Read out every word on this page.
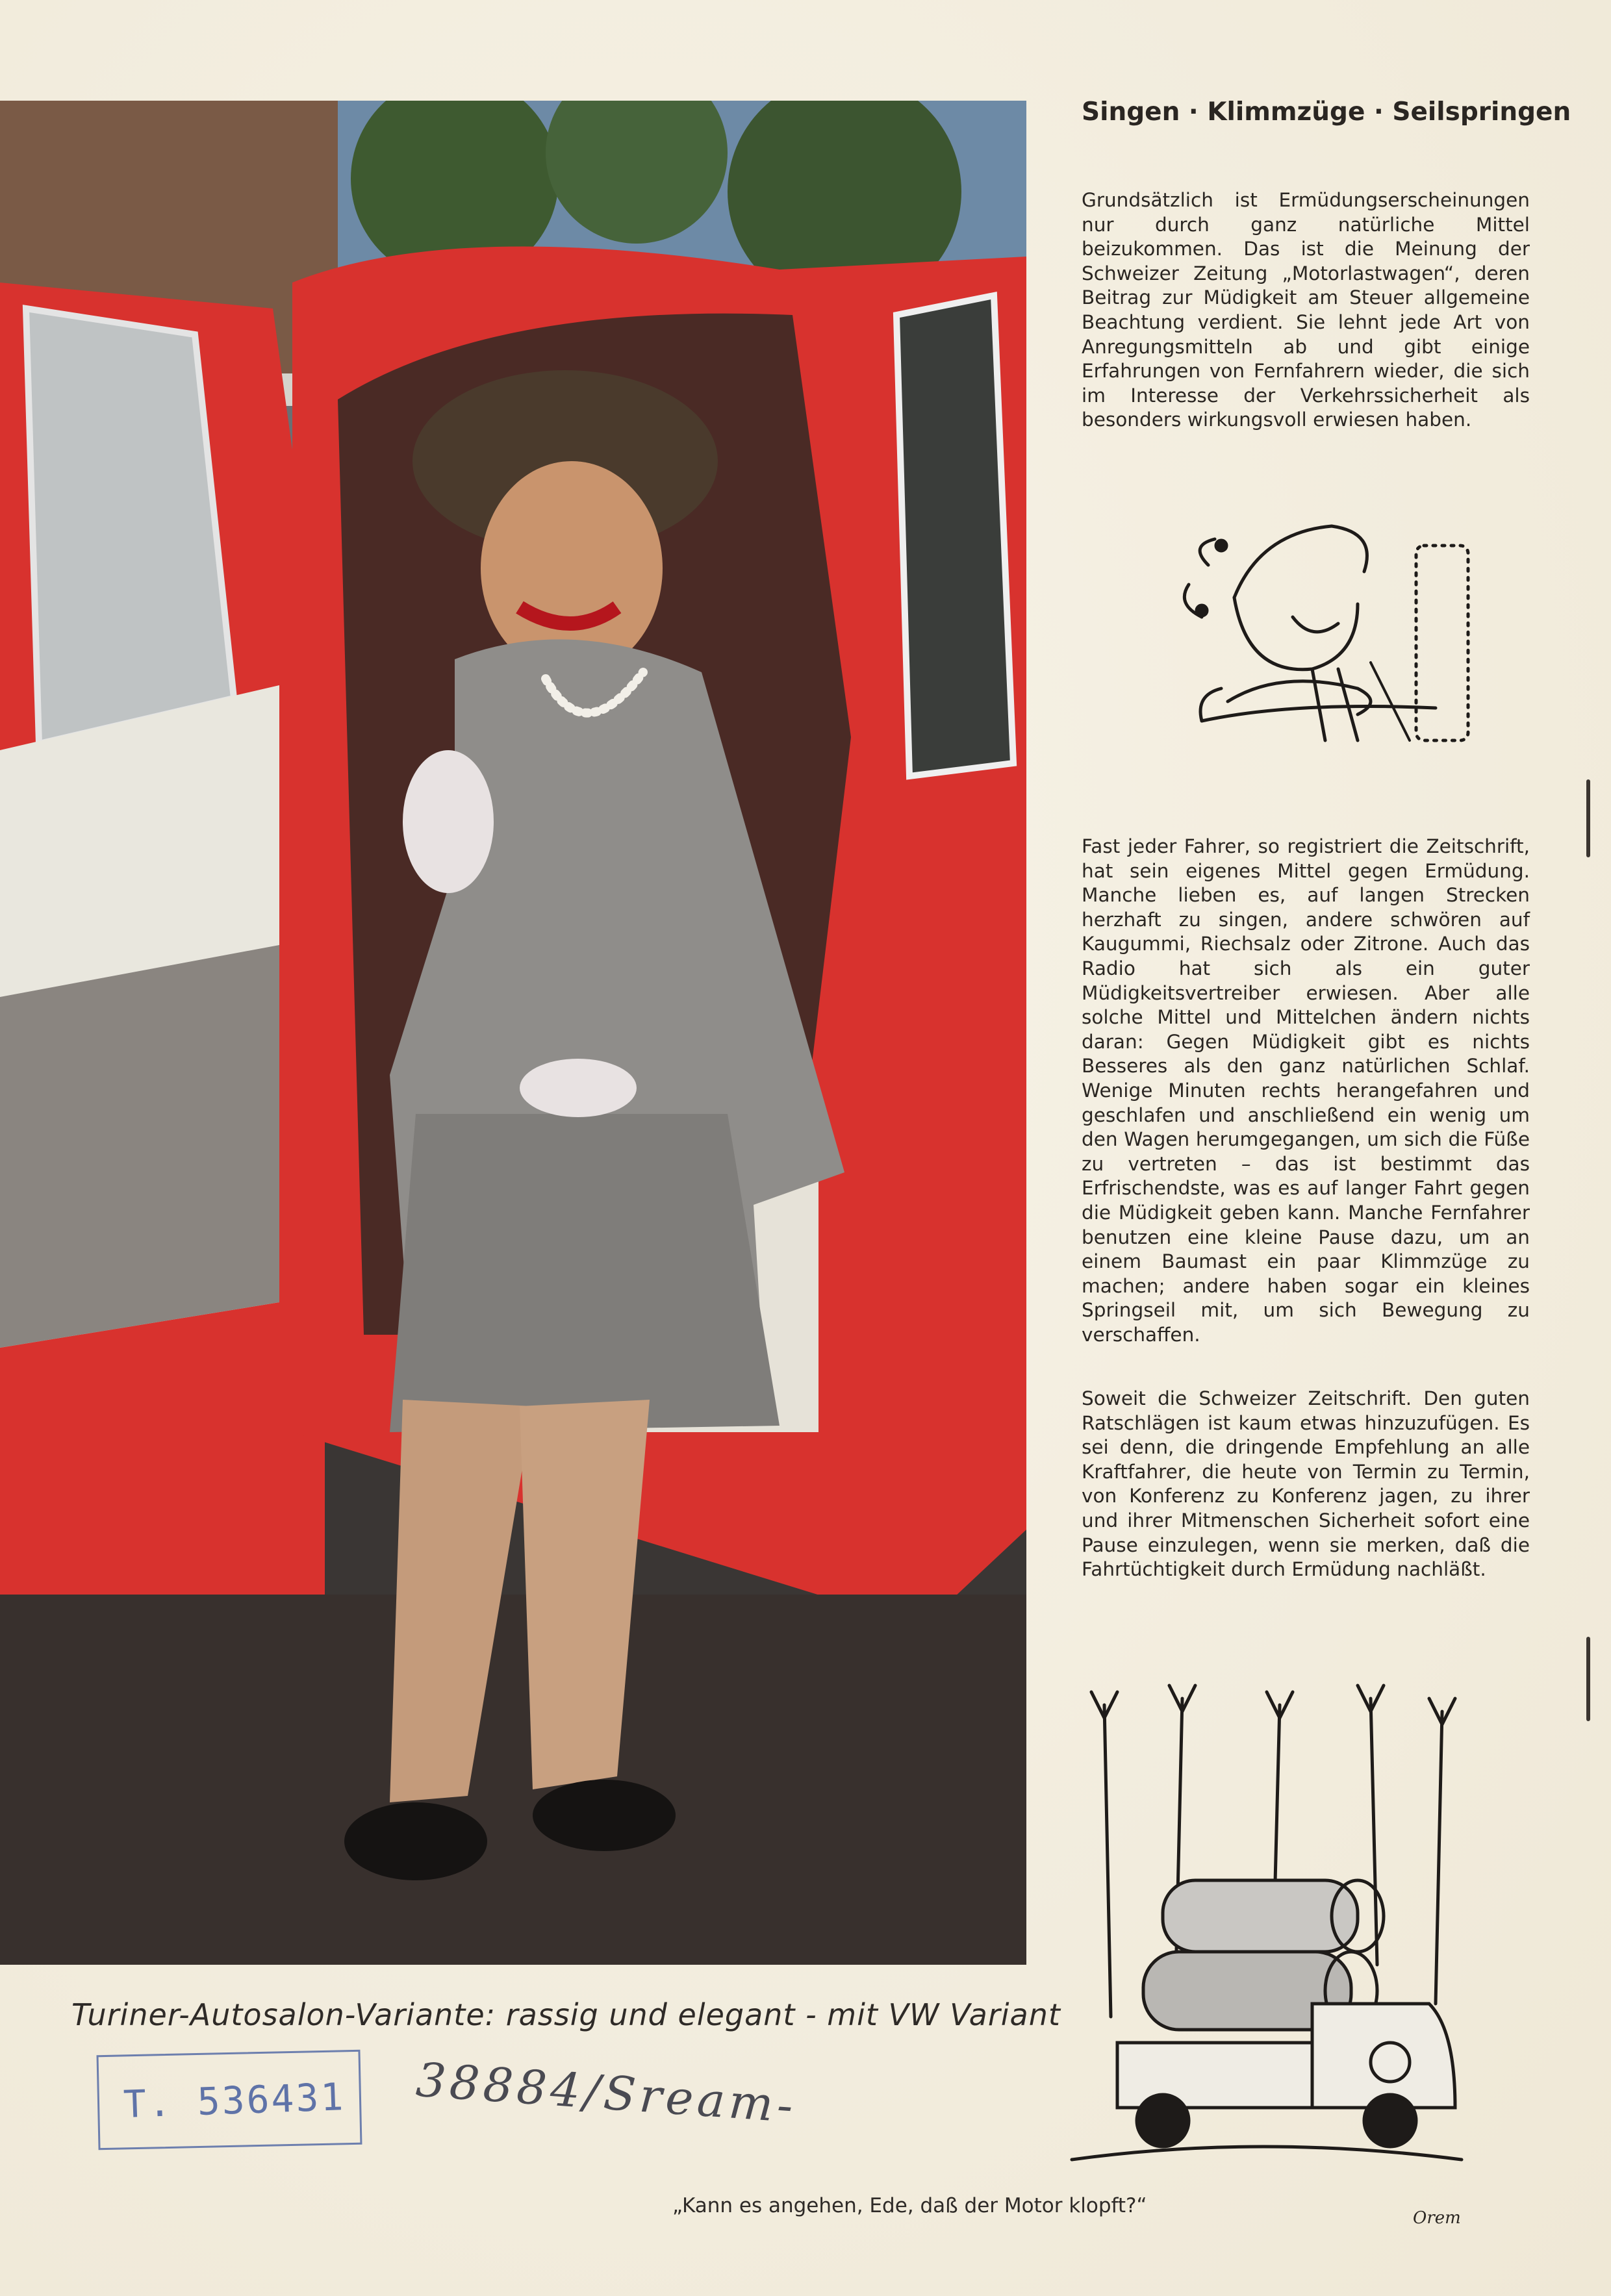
Turiner-Autosalon-Variante: rassig und elegant - mit VW Variant
T. 536431 38884/Sream-
Singen · Klimmzüge · Seilspringen

Grundsätzlich ist Ermüdungserscheinungen nur durch ganz natürliche Mittel beizukommen. Das ist die Meinung der Schweizer Zeitung „Motorlastwagen“, deren Beitrag zur Müdigkeit am Steuer allgemeine Beachtung verdient. Sie lehnt jede Art von Anregungsmitteln ab und gibt einige Erfahrungen von Fernfahrern wieder, die sich im Interesse der Verkehrssicherheit als besonders wirkungsvoll erwiesen haben.

Fast jeder Fahrer, so registriert die Zeitschrift, hat sein eigenes Mittel gegen Ermüdung. Manche lieben es, auf langen Strecken herzhaft zu singen, andere schwören auf Kaugummi, Riechsalz oder Zitrone. Auch das Radio hat sich als ein guter Müdigkeitsvertreiber erwiesen. Aber alle solche Mittel und Mittelchen ändern nichts daran: Gegen Müdigkeit gibt es nichts Besseres als den ganz natürlichen Schlaf. Wenige Minuten rechts herangefahren und geschlafen und anschließend ein wenig um den Wagen herumgegangen, um sich die Füße zu vertreten – das ist bestimmt das Erfrischendste, was es auf langer Fahrt gegen die Müdigkeit geben kann. Manche Fernfahrer benutzen eine kleine Pause dazu, um an einem Baumast ein paar Klimmzüge zu machen; andere haben sogar ein kleines Springseil mit, um sich Bewegung zu verschaffen.

Soweit die Schweizer Zeitschrift. Den guten Ratschlägen ist kaum etwas hinzuzufügen. Es sei denn, die dringende Empfehlung an alle Kraftfahrer, die heute von Termin zu Termin, von Konferenz zu Konferenz jagen, zu ihrer und ihrer Mitmenschen Sicherheit sofort eine Pause einzulegen, wenn sie merken, daß die Fahrtüchtigkeit durch Ermüdung nachläßt.

„Kann es angehen, Ede, daß der Motor klopft?“
Orem
